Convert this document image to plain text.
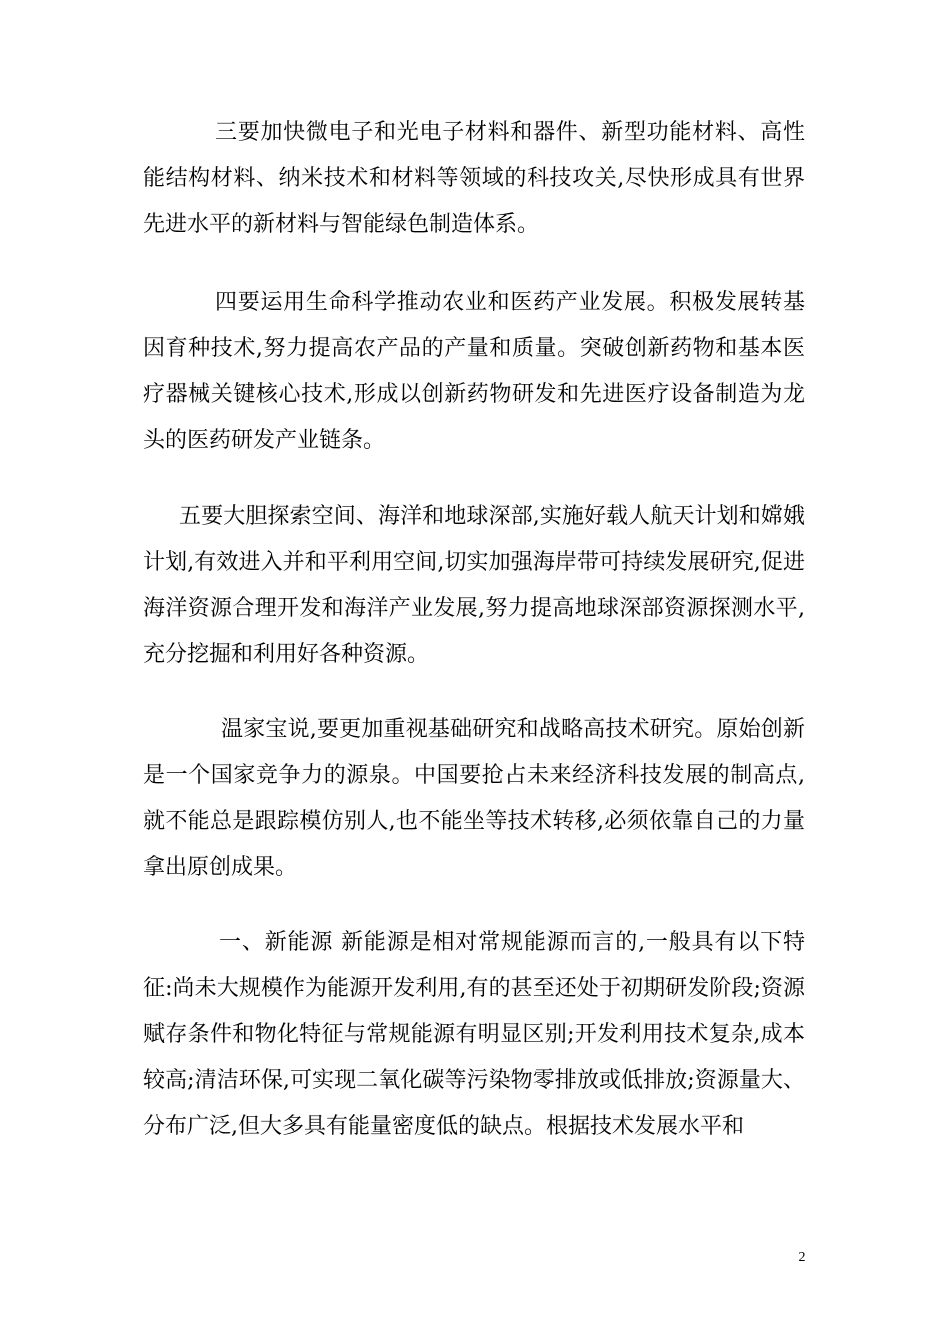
三要加快微电子和光电子材料和器件、新型功能材料、高性能结构材料、纳米技术和材料等领域的科技攻关,尽快形成具有世界先进水平的新材料与智能绿色制造体系。

四要运用生命科学推动农业和医药产业发展。积极发展转基因育种技术,努力提高农产品的产量和质量。突破创新药物和基本医疗器械关键核心技术,形成以创新药物研发和先进医疗设备制造为龙头的医药研发产业链条。

五要大胆探索空间、海洋和地球深部,实施好载人航天计划和嫦娥计划,有效进入并和平利用空间,切实加强海岸带可持续发展研究,促进海洋资源合理开发和海洋产业发展,努力提高地球深部资源探测水平,充分挖掘和利用好各种资源。

温家宝说,要更加重视基础研究和战略高技术研究。原始创新是一个国家竞争力的源泉。中国要抢占未来经济科技发展的制高点,就不能总是跟踪模仿别人,也不能坐等技术转移,必须依靠自己的力量拿出原创成果。

一、新能源 新能源是相对常规能源而言的,一般具有以下特征:尚未大规模作为能源开发利用,有的甚至还处于初期研发阶段;资源赋存条件和物化特征与常规能源有明显区别;开发利用技术复杂,成本较高;清洁环保,可实现二氧化碳等污染物零排放或低排放;资源量大、分布广泛,但大多具有能量密度低的缺点。根据技术发展水平和

2
